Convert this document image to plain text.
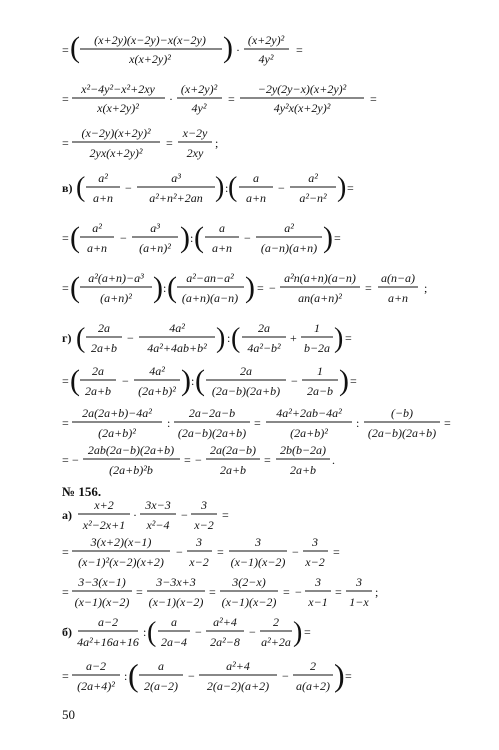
= ( (x+2y)(x−2y)−x(x−2y)
x(x+2y)² ) ·
(x+2y)²
4y²
=
=
x²−4y²−x²+2xy
x(x+2y)²
·
(x+2y)²
4y²
=
−2y(2y−x)(x+2y)²
4y²x(x+2y)²
=
=
(x−2y)(x+2y)²
2yx(x+2y)²
=
x−2y
2xy
;
в) ( a²
a+n
−
a³
a²+n²+2an ) : ( a
a+n
−
a²
a²−n² ) =
= ( a²
a+n
−
a³
(a+n)² ) : ( a
a+n
−
a²
(a−n)(a+n) ) =
= ( a²(a+n)−a³
(a+n)² ) : ( a²−an−a²
(a+n)(a−n) ) = −
a²n(a+n)(a−n)
an(a+n)²
=
a(n−a)
a+n
;
г) ( 2a
2a+b
−
4a²
4a²+4ab+b² ) : ( 2a
4a²−b²
+
1
b−2a ) =
= ( 2a
2a+b
−
4a²
(2a+b)² ) : (	2a
(2a−b)(2a+b)
−
1
2a−b ) =
=
2a(2a+b)−4a²
(2a+b)²
:
2a−2a−b
(2a−b)(2a+b)
=
4a²+2ab−4a²
(2a+b)²
:
(−b)
(2a−b)(2a+b)
=
= −
2ab(2a−b)(2a+b)
(2a+b)²b
= −
2a(2a−b)
2a+b
=
2b(b−2a)
2a+b
.
№ 156.
а)
x+2
x²−2x+1
·
3x−3
x²−4
−
3
x−2
=
=
3(x+2)(x−1)
(x−1)²(x−2)(x+2)
−
3
x−2
=
3
(x−1)(x−2)
−
3
x−2
=
=
3−3(x−1)
(x−1)(x−2)
=
3−3x+3
(x−1)(x−2)
=
3(2−x)
(x−1)(x−2)
= −
3
x−1
=
3
1−x
;
б)
a−2
4a²+16a+16
: ( a
2a−4
−
a²+4
2a²−8
−
2
a²+2a ) =
=
a−2
(2a+4)²
: ( a
2(a−2)
−
a²+4
2(a−2)(a+2)
−
2
a(a+2) ) =
50
